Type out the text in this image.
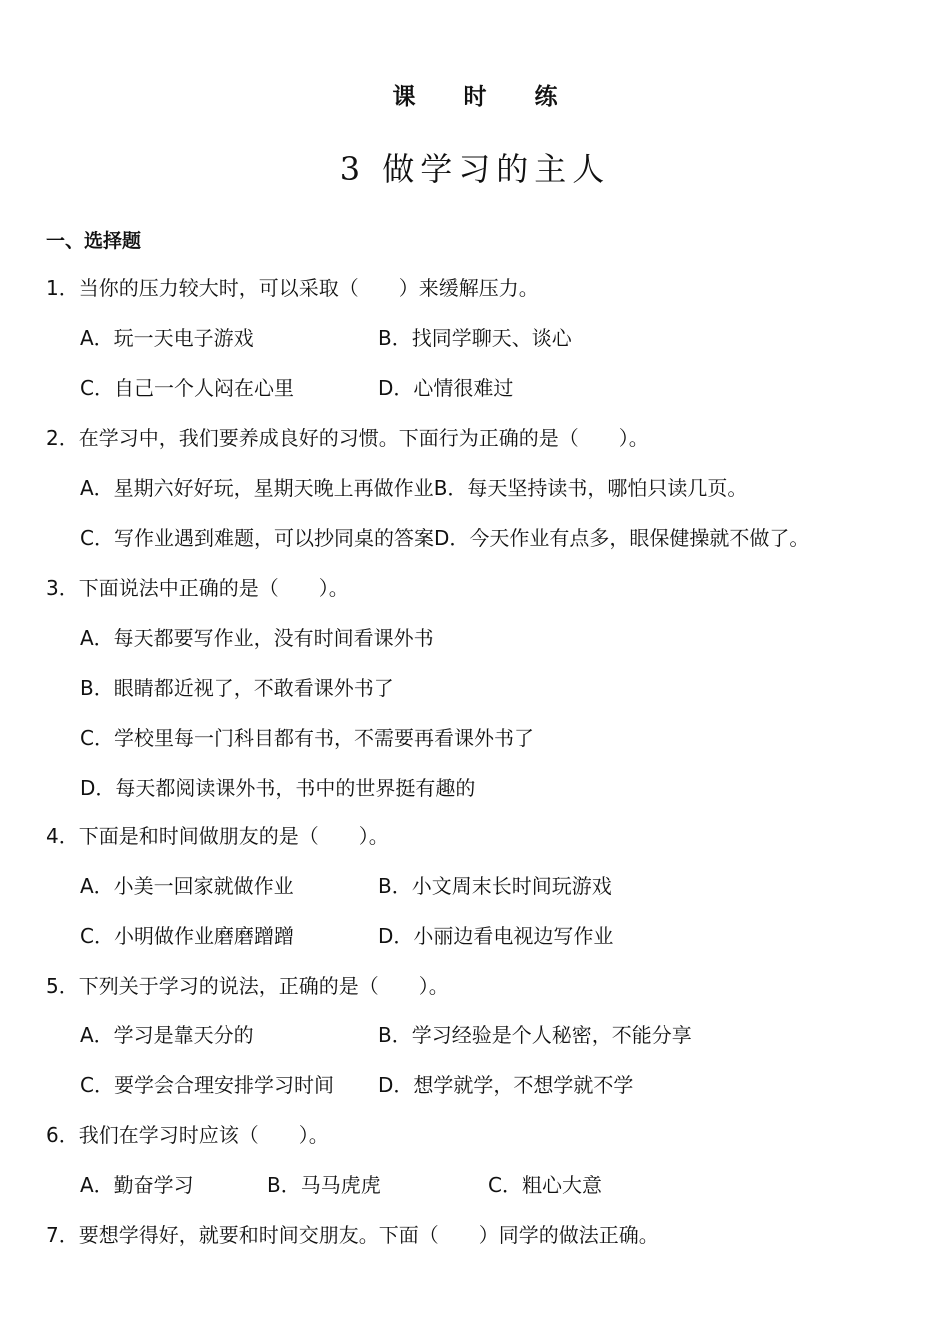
课 时 练
3 做学习的主人
一、选择题
1．当你的压力较大时，可以采取（　　）来缓解压力。
A．玩一天电子游戏	B．找同学聊天、谈心
C．自己一个人闷在心里	D．心情很难过
2．在学习中，我们要养成良好的习惯。下面行为正确的是（　　）。
A．星期六好好玩，星期天晚上再做作业B．每天坚持读书，哪怕只读几页。
C．写作业遇到难题，可以抄同桌的答案D．今天作业有点多，眼保健操就不做了。
3．下面说法中正确的是（　　）。
A．每天都要写作业，没有时间看课外书
B．眼睛都近视了，不敢看课外书了
C．学校里每一门科目都有书，不需要再看课外书了
D．每天都阅读课外书，书中的世界挺有趣的
4．下面是和时间做朋友的是（　　）。
A．小美一回家就做作业	B．小文周末长时间玩游戏
C．小明做作业磨磨蹭蹭	D．小丽边看电视边写作业
5．下列关于学习的说法，正确的是（　　）。
A．学习是靠天分的	B．学习经验是个人秘密，不能分享
C．要学会合理安排学习时间 D．想学就学，不想学就不学
6．我们在学习时应该（　　）。
A．勤奋学习	B．马马虎虎	C．粗心大意
7．要想学得好，就要和时间交朋友。下面（　　）同学的做法正确。
